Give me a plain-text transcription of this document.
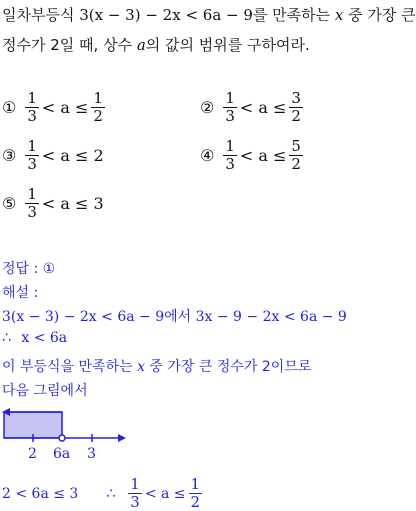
일차부등식 3(x − 3) − 2x < 6a − 9를 만족하는 x 중 가장 큰
정수가 2일 때, 상수 a의 값의 범위를 구하여라.
① $\frac{1}{3} < a \le \frac{1}{2}$	② $\frac{1}{3} < a \le \frac{3}{2}$
③ $\frac{1}{3} < a \le 2$	④ $\frac{1}{3} < a \le \frac{5}{2}$
⑤ $\frac{1}{3} < a \le 3$
정답 : ①
해설 :
3(x − 3) − 2x < 6a − 9에서 3x − 9 − 2x < 6a − 9
∴ x < 6a
이 부등식을 만족하는 x 중 가장 큰 정수가 2이므로
다음 그림에서
2 6a 3
2 < 6a ≤ 3 ∴ $\frac{1}{3} < a \le \frac{1}{2}$
